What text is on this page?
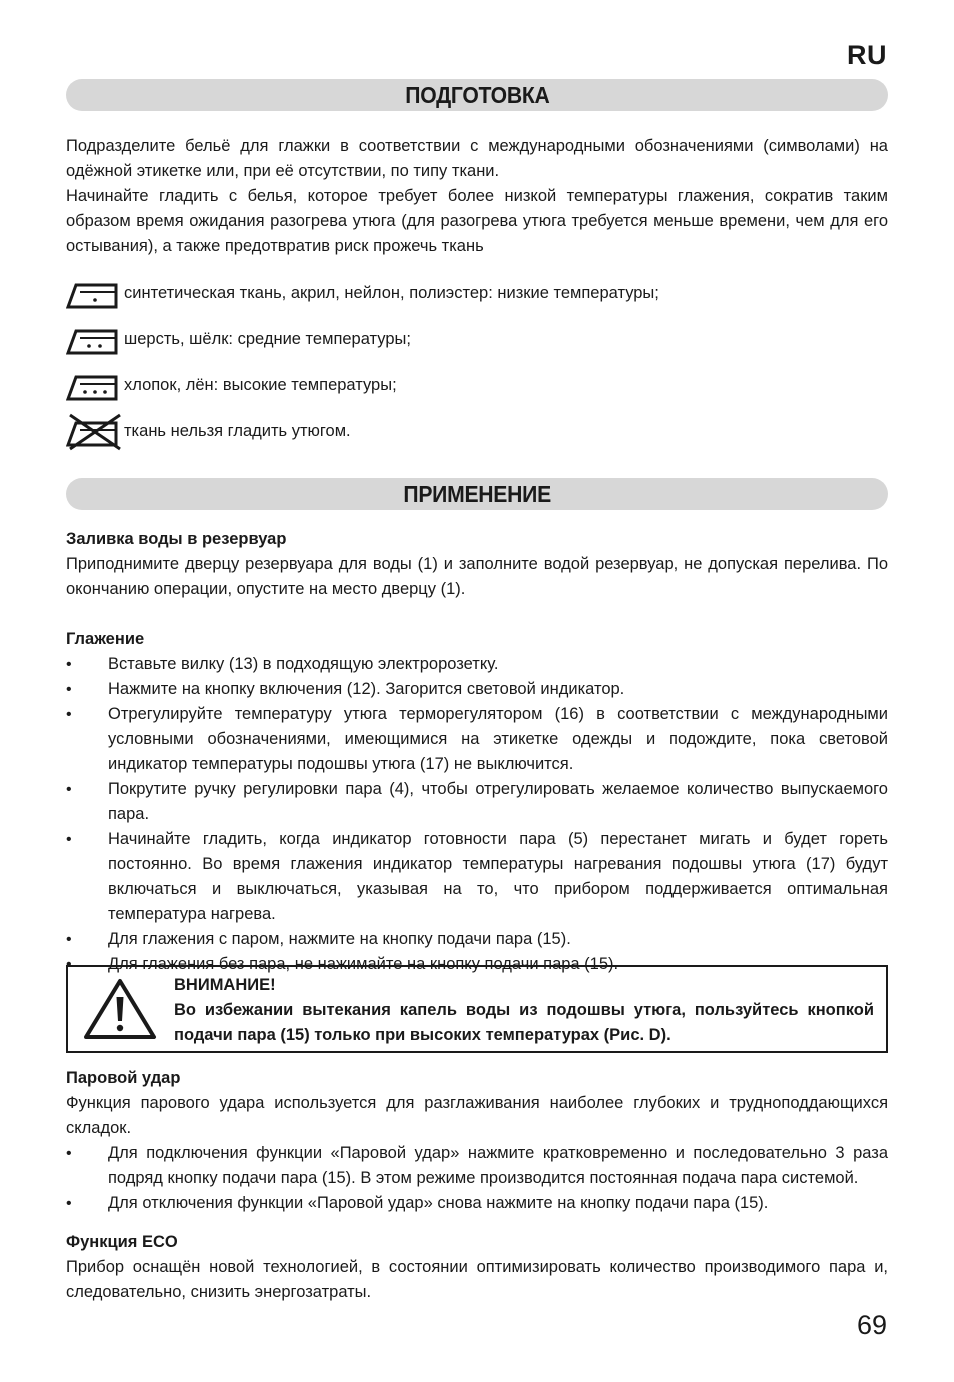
RU
ПОДГОТОВКА

Подразделите бельё для глажки в соответствии с международными обозначениями (символами) на одёжной этикетке или, при её отсутствии, по типу ткани.

Начинайте гладить с белья, которое требует более низкой температуры глажения, сократив таким образом время ожидания разогрева утюга (для разогрева утюга требуется меньше времени, чем для его остывания), а также предотвратив риск прожечь ткань

синтетическая ткань, акрил, нейлон, полиэстер: низкие температуры;
шерсть, шёлк: средние температуры;
хлопок, лён: высокие температуры;
ткань нельзя гладить утюгом.
ПРИМЕНЕНИЕ

Заливка воды в резервуар

Приподнимите дверцу резервуара для воды (1) и заполните водой резервуар, не допуская перелива. По окончанию операции, опустите на место дверцу (1).

Глажение

• Вставьте вилку (13) в подходящую электророзетку.
• Нажмите на кнопку включения (12). Загорится световой индикатор.
• Отрегулируйте температуру утюга терморегулятором (16) в соответствии с международными условными обозначениями, имеющимися на этикетке одежды и подождите, пока световой индикатор температуры подошвы утюга (17) не выключится.
• Покрутите ручку регулировки пара (4), чтобы отрегулировать желаемое количество выпускаемого пара.
• Начинайте гладить, когда индикатор готовности пара (5) перестанет мигать и будет гореть постоянно. Во время глажения индикатор температуры нагревания подошвы утюга (17) будут включаться и выключаться, указывая на то, что прибором поддерживается оптимальная температура нагрева.
• Для глажения с паром, нажмите на кнопку подачи пара (15).
• Для глажения без пара, не нажимайте на кнопку подачи пара (15).
ВНИМАНИЕ!
Во избежании вытекания капель воды из подошвы утюга, пользуйтесь кнопкой подачи пара (15) только при высоких температурах (Рис. D).

Паровой удар

Функция парового удара используется для разглаживания наиболее глубоких и трудноподдающихся складок.

• Для подключения функции «Паровой удар» нажмите кратковременно и последовательно 3 раза подряд кнопку подачи пара (15). В этом режиме производится постоянная подача пара системой.
• Для отключения функции «Паровой удар» снова нажмите на кнопку подачи пара (15).

Функция ECO

Прибор оснащён новой технологией, в состоянии оптимизировать количество производимого пара и, следовательно, снизить энергозатраты.

69
